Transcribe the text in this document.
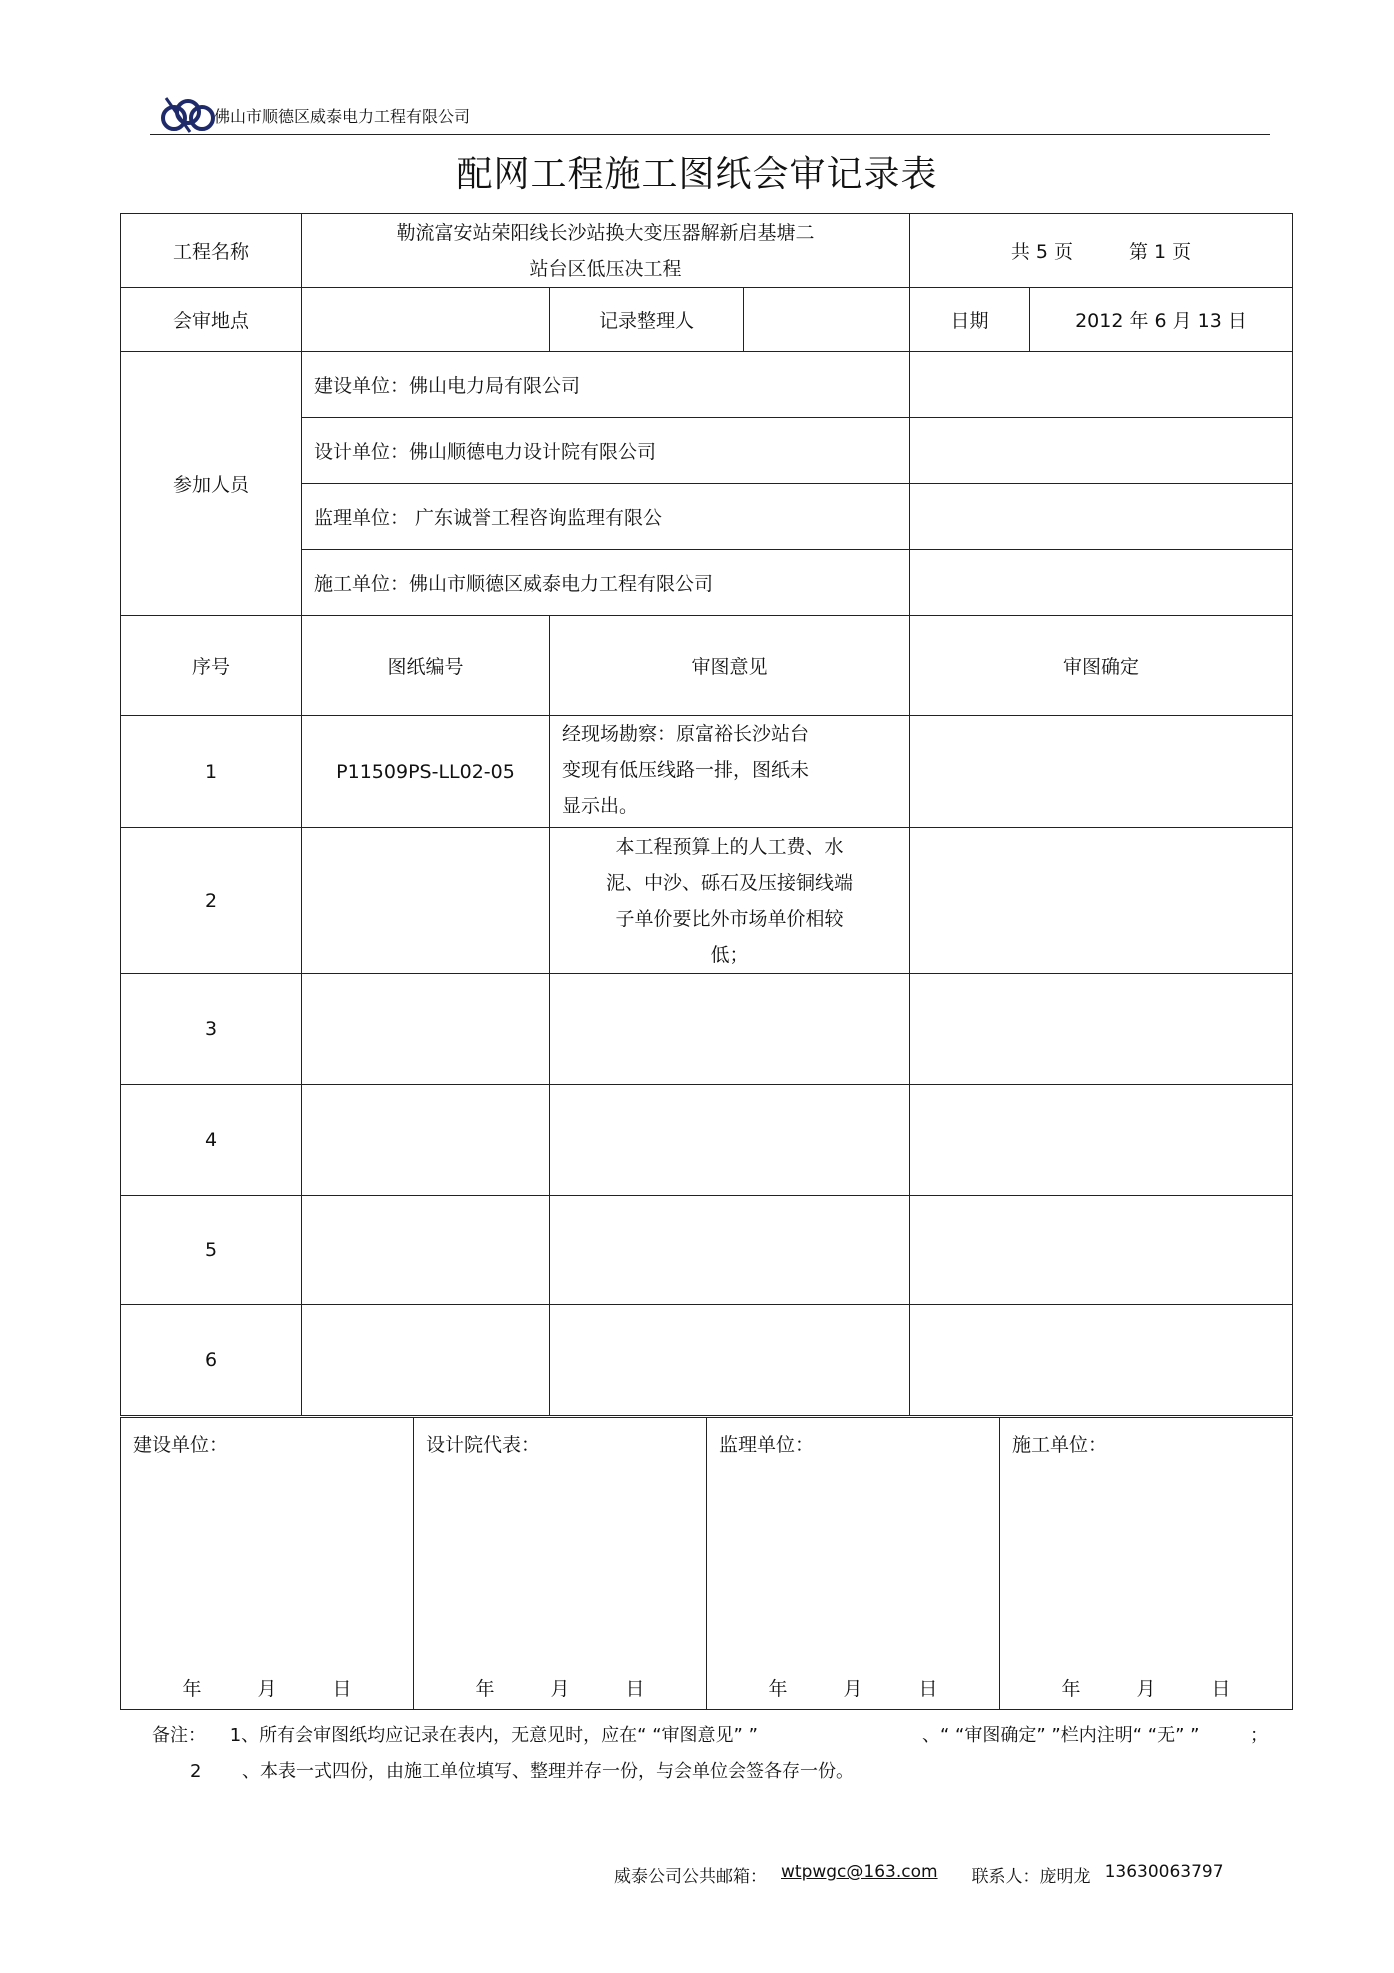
佛山市顺德区威泰电力工程有限公司
配网工程施工图纸会审记录表
工程名称	勒流富安站荣阳线长沙站换大变压器解新启基塘二
站台区低压决工程			共 5 页 第 1 页	
会审地点		记录整理人		日期	2012 年 6 月 13 日
参加人员	建设单位：佛山电力局有限公司				
	设计单位：佛山顺德电力设计院有限公司				
	监理单位： 广东诚誉工程咨询监理有限公				
	施工单位：佛山市顺德区威泰电力工程有限公司				
序号	图纸编号	审图意见		审图确定	
1	P11509PS-LL02-05	经现场勘察：原富裕长沙站台
变现有低压线路一排，图纸未
显示出。			

2		本工程预算上的人工费、水
泥、中沙、砾石及压接铜线端
子单价要比外市场单价相较
低；			

3					
4					
5					
6					
建设单位：
年	月	日

设计院代表：
年	月	日

监理单位：
年	月	日

施工单位：
年	月	日
备注： 1、所有会审图纸均应记录在表内，无意见时，应在“ “审图意见” ”	、“ “审图确定” ”栏内注明“ “无” ”	；
2 、本表一式四份，由施工单位填写、整理并存一份，与会单位会签各存一份。
威泰公司公共邮箱： wtpwgc@163.com 联系人：庞明龙 13630063797
